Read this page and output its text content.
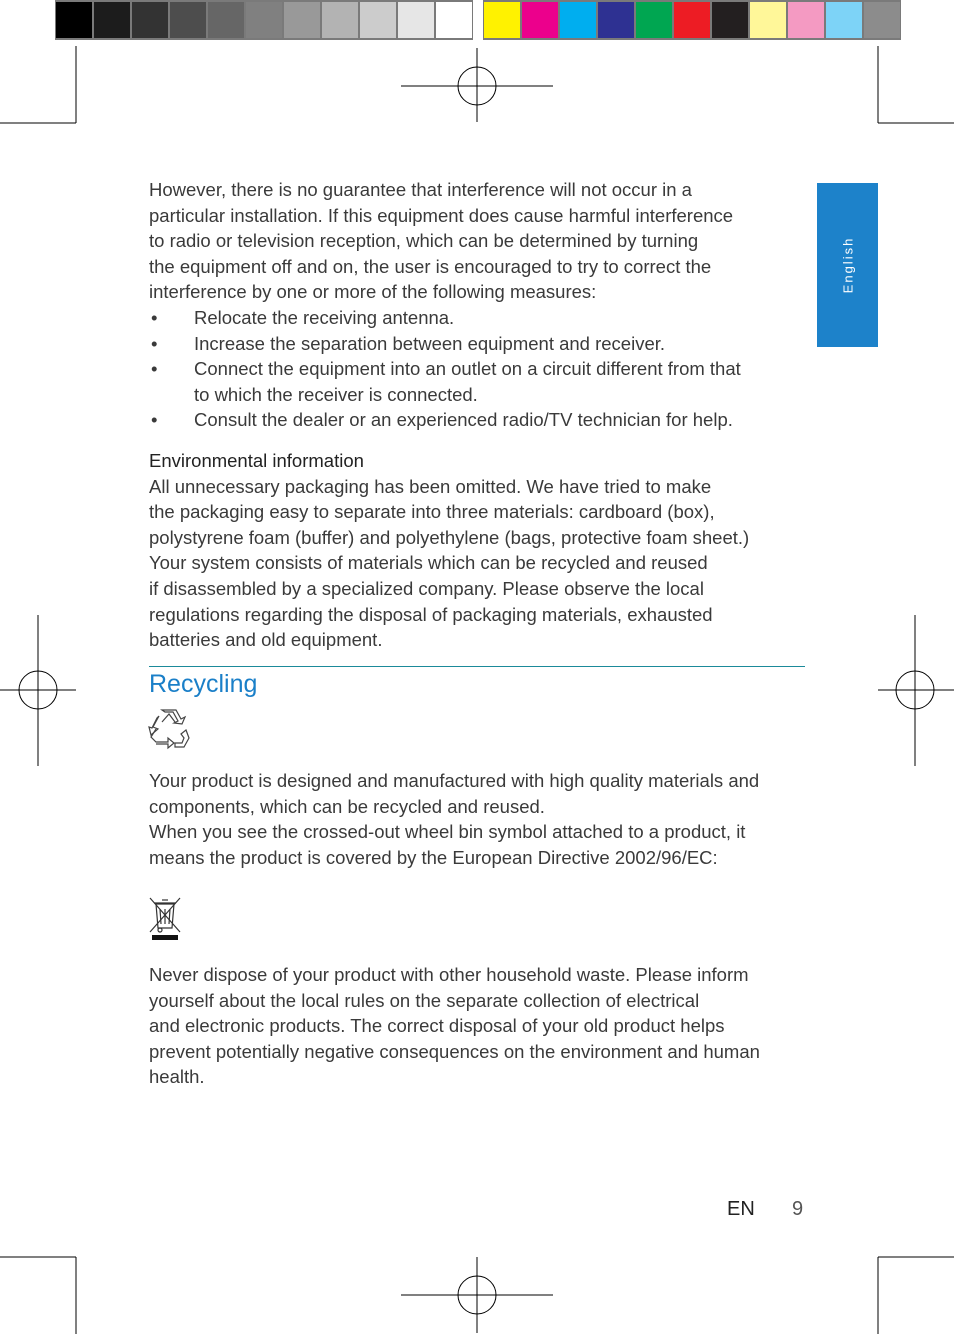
English

However, there is no guarantee that interference will not occur in a

particular installation. If this equipment does cause harmful interference

to radio or television reception, which can be determined by turning

the equipment off and on, the user is encouraged to try to correct the

interference by one or more of the following measures:

• Relocate the receiving antenna.
• Increase the separation between equipment and receiver.
• Connect the equipment into an outlet on a circuit different from that
to which the receiver is connected.
• Consult the dealer or an experienced radio/TV technician for help.

Environmental information

All unnecessary packaging has been omitted. We have tried to make

the packaging easy to separate into three materials: cardboard (box),

polystyrene foam (buffer) and polyethylene (bags, protective foam sheet.)

Your system consists of materials which can be recycled and reused

if disassembled by a specialized company. Please observe the local

regulations regarding the disposal of packaging materials, exhausted

batteries and old equipment.

Recycling

Your product is designed and manufactured with high quality materials and

components, which can be recycled and reused.

When you see the crossed-out wheel bin symbol attached to a product, it

means the product is covered by the European Directive 2002/96/EC:

Never dispose of your product with other household waste. Please inform

yourself about the local rules on the separate collection of electrical

and electronic products. The correct disposal of your old product helps

prevent potentially negative consequences on the environment and human

health.

EN 9
